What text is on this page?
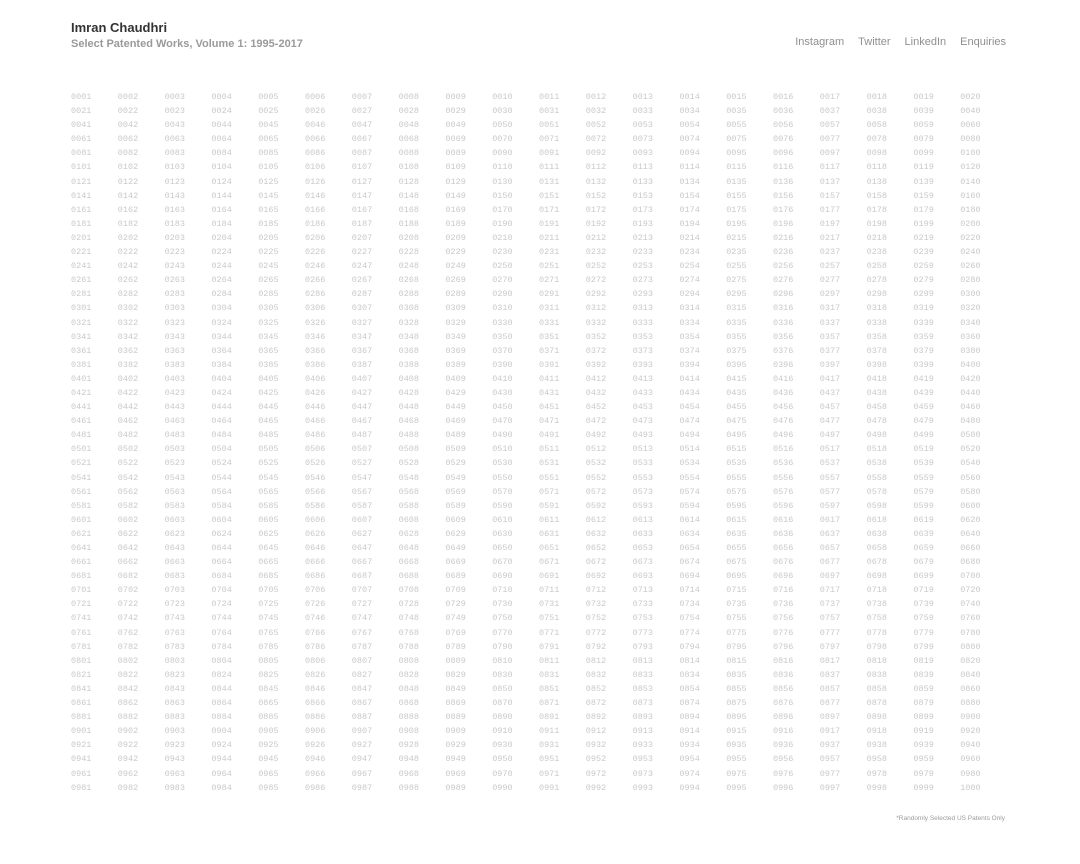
Imran Chaudhri
Select Patented Works, Volume 1: 1995-2017	Instagram Twitter LinkedIn Enquiries
0001	0002	0003	0004	0005	0006	0007	0008	0009	0010	0011	0012	0013	0014	0015	0016	0017	0018	0019	0020
0021	0022	0023	0024	0025	0026	0027	0028	0029	0030	0031	0032	0033	0034	0035	0036	0037	0038	0039	0040
0041	0042	0043	0044	0045	0046	0047	0048	0049	0050	0051	0052	0053	0054	0055	0056	0057	0058	0059	0060
0061	0062	0063	0064	0065	0066	0067	0068	0069	0070	0071	0072	0073	0074	0075	0076	0077	0078	0079	0080
0081	0082	0083	0084	0085	0086	0087	0088	0089	0090	0091	0092	0093	0094	0095	0096	0097	0098	0099	0100
0101	0102	0103	0104	0105	0106	0107	0108	0109	0110	0111	0112	0113	0114	0115	0116	0117	0118	0119	0120
0121	0122	0123	0124	0125	0126	0127	0128	0129	0130	0131	0132	0133	0134	0135	0136	0137	0138	0139	0140
0141	0142	0143	0144	0145	0146	0147	0148	0149	0150	0151	0152	0153	0154	0155	0156	0157	0158	0159	0160
0161	0162	0163	0164	0165	0166	0167	0168	0169	0170	0171	0172	0173	0174	0175	0176	0177	0178	0179	0180
0181	0182	0183	0184	0185	0186	0187	0188	0189	0190	0191	0192	0193	0194	0195	0196	0197	0198	0199	0200
0201	0202	0203	0204	0205	0206	0207	0208	0209	0210	0211	0212	0213	0214	0215	0216	0217	0218	0219	0220
0221	0222	0223	0224	0225	0226	0227	0228	0229	0230	0231	0232	0233	0234	0235	0236	0237	0238	0239	0240
0241	0242	0243	0244	0245	0246	0247	0248	0249	0250	0251	0252	0253	0254	0255	0256	0257	0258	0259	0260
0261	0262	0263	0264	0265	0266	0267	0268	0269	0270	0271	0272	0273	0274	0275	0276	0277	0278	0279	0280
0281	0282	0283	0284	0285	0286	0287	0288	0289	0290	0291	0292	0293	0294	0295	0296	0297	0298	0299	0300
0301	0302	0303	0304	0305	0306	0307	0308	0309	0310	0311	0312	0313	0314	0315	0316	0317	0318	0319	0320
0321	0322	0323	0324	0325	0326	0327	0328	0329	0330	0331	0332	0333	0334	0335	0336	0337	0338	0339	0340
0341	0342	0343	0344	0345	0346	0347	0348	0349	0350	0351	0352	0353	0354	0355	0356	0357	0358	0359	0360
0361	0362	0363	0364	0365	0366	0367	0368	0369	0370	0371	0372	0373	0374	0375	0376	0377	0378	0379	0380
0381	0382	0383	0384	0385	0386	0387	0388	0389	0390	0391	0392	0393	0394	0395	0396	0397	0398	0399	0400
0401	0402	0403	0404	0405	0406	0407	0408	0409	0410	0411	0412	0413	0414	0415	0416	0417	0418	0419	0420
0421	0422	0423	0424	0425	0426	0427	0428	0429	0430	0431	0432	0433	0434	0435	0436	0437	0438	0439	0440
0441	0442	0443	0444	0445	0446	0447	0448	0449	0450	0451	0452	0453	0454	0455	0456	0457	0458	0459	0460
0461	0462	0463	0464	0465	0466	0467	0468	0469	0470	0471	0472	0473	0474	0475	0476	0477	0478	0479	0480
0481	0482	0483	0484	0485	0486	0487	0488	0489	0490	0491	0492	0493	0494	0495	0496	0497	0498	0499	0500
0501	0502	0503	0504	0505	0506	0507	0508	0509	0510	0511	0512	0513	0514	0515	0516	0517	0518	0519	0520
0521	0522	0523	0524	0525	0526	0527	0528	0529	0530	0531	0532	0533	0534	0535	0536	0537	0538	0539	0540
0541	0542	0543	0544	0545	0546	0547	0548	0549	0550	0551	0552	0553	0554	0555	0556	0557	0558	0559	0560
0561	0562	0563	0564	0565	0566	0567	0568	0569	0570	0571	0572	0573	0574	0575	0576	0577	0578	0579	0580
0581	0582	0583	0584	0585	0586	0587	0588	0589	0590	0591	0592	0593	0594	0595	0596	0597	0598	0599	0600
0601	0602	0603	0604	0605	0606	0607	0608	0609	0610	0611	0612	0613	0614	0615	0616	0617	0618	0619	0620
0621	0622	0623	0624	0625	0626	0627	0628	0629	0630	0631	0632	0633	0634	0635	0636	0637	0638	0639	0640
0641	0642	0643	0644	0645	0646	0647	0648	0649	0650	0651	0652	0653	0654	0655	0656	0657	0658	0659	0660
0661	0662	0663	0664	0665	0666	0667	0668	0669	0670	0671	0672	0673	0674	0675	0676	0677	0678	0679	0680
0681	0682	0683	0684	0685	0686	0687	0688	0689	0690	0691	0692	0693	0694	0695	0696	0697	0698	0699	0700
0701	0702	0703	0704	0705	0706	0707	0708	0709	0710	0711	0712	0713	0714	0715	0716	0717	0718	0719	0720
0721	0722	0723	0724	0725	0726	0727	0728	0729	0730	0731	0732	0733	0734	0735	0736	0737	0738	0739	0740
0741	0742	0743	0744	0745	0746	0747	0748	0749	0750	0751	0752	0753	0754	0755	0756	0757	0758	0759	0760
0761	0762	0763	0764	0765	0766	0767	0768	0769	0770	0771	0772	0773	0774	0775	0776	0777	0778	0779	0780
0781	0782	0783	0784	0785	0786	0787	0788	0789	0790	0791	0792	0793	0794	0795	0796	0797	0798	0799	0800
0801	0802	0803	0804	0805	0806	0807	0808	0809	0810	0811	0812	0813	0814	0815	0816	0817	0818	0819	0820
0821	0822	0823	0824	0825	0826	0827	0828	0829	0830	0831	0832	0833	0834	0835	0836	0837	0838	0839	0840
0841	0842	0843	0844	0845	0846	0847	0848	0849	0850	0851	0852	0853	0854	0855	0856	0857	0858	0859	0860
0861	0862	0863	0864	0865	0866	0867	0868	0869	0870	0871	0872	0873	0874	0875	0876	0877	0878	0879	0880
0881	0882	0883	0884	0885	0886	0887	0888	0889	0890	0891	0892	0893	0894	0895	0896	0897	0898	0899	0900
0901	0902	0903	0904	0905	0906	0907	0908	0909	0910	0911	0912	0913	0914	0915	0916	0917	0918	0919	0920
0921	0922	0923	0924	0925	0926	0927	0928	0929	0930	0931	0932	0933	0934	0935	0936	0937	0938	0939	0940
0941	0942	0943	0944	0945	0946	0947	0948	0949	0950	0951	0952	0953	0954	0955	0956	0957	0958	0959	0960
0961	0962	0963	0964	0965	0966	0967	0968	0969	0970	0971	0972	0973	0974	0975	0976	0977	0978	0979	0980
0981	0982	0983	0984	0985	0986	0987	0988	0989	0990	0991	0992	0993	0994	0995	0996	0997	0998	0999	1000
*Randomly Selected US Patents Only
